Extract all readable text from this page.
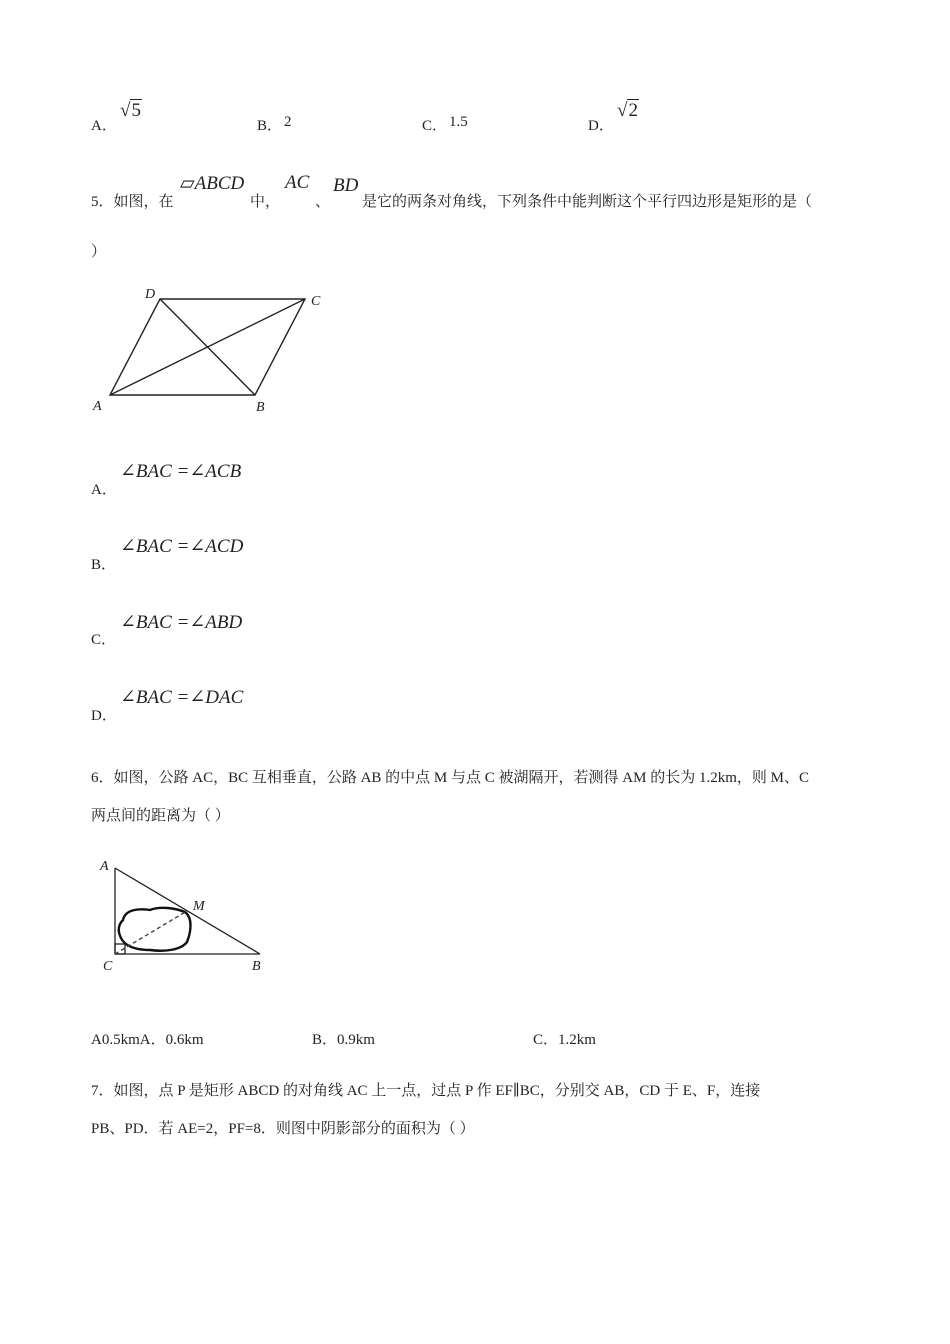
A．
√5
B． 2	C． 1.5	D．
√2
5．如图，在
▱ABCD
中，
AC
、
BD
是它的两条对角线，下列条件中能判断这个平行四边形是矩形的是（
）
D	C
A	B
A．
∠BAC =∠ACB
B．
∠BAC =∠ACD
C．
∠BAC =∠ABD
D．
∠BAC =∠DAC
6．如图，公路 AC，BC 互相垂直，公路 AB 的中点 M 与点 C 被湖隔开，若测得 AM 的长为 1.2km，则 M、C
两点间的距离为（ ）
A
M
C	B
A0.5kmA．0.6km	B．0.9km	C．1.2km
7．如图，点 P 是矩形 ABCD 的对角线 AC 上一点，过点 P 作 EF∥BC，分别交 AB，CD 于 E、F，连接
PB、PD．若 AE=2，PF=8．则图中阴影部分的面积为（ ）
